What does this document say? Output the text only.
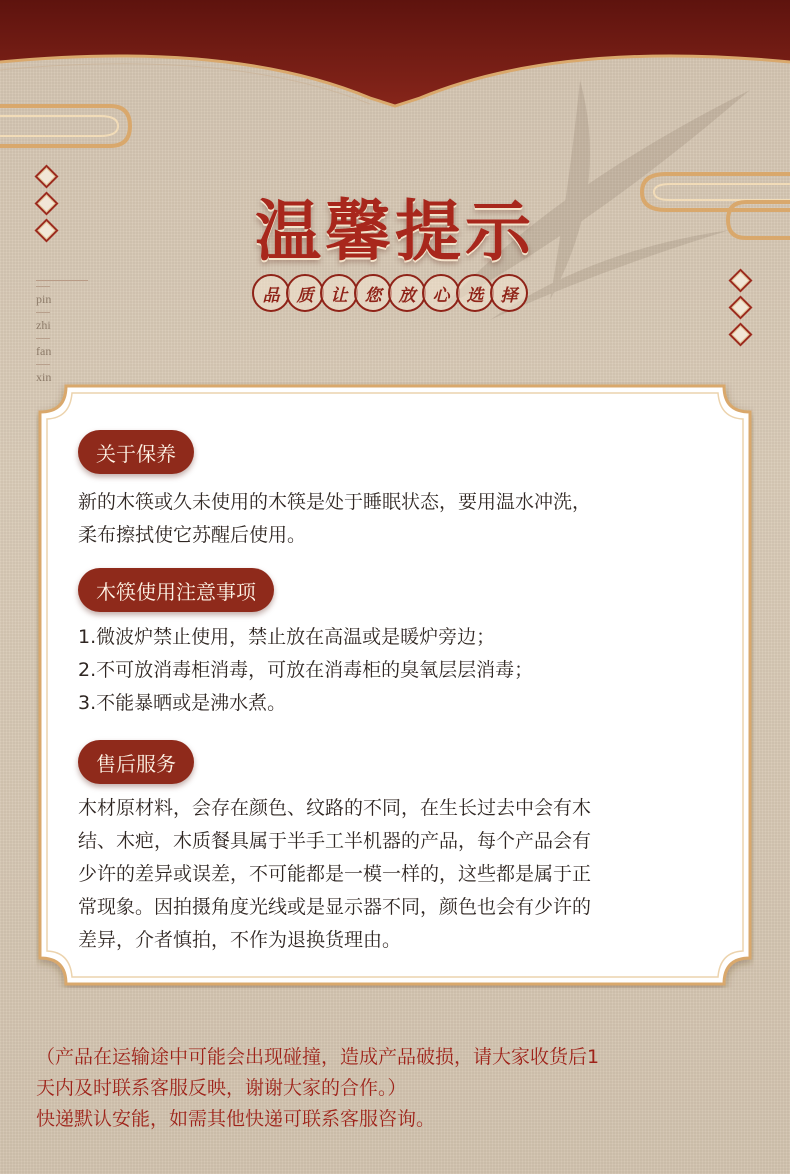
pin
zhi
fan
xin
温馨提示
品	质	让	您	放	心	选	择
关于保养

新的木筷或久未使用的木筷是处于睡眠状态，要用温水冲洗，

柔布擦拭使它苏醒后使用。

木筷使用注意事项

1.微波炉禁止使用，禁止放在高温或是暖炉旁边；

2.不可放消毒柜消毒，可放在消毒柜的臭氧层层消毒；

3.不能暴晒或是沸水煮。

售后服务

木材原材料，会存在颜色、纹路的不同，在生长过去中会有木

结、木疤，木质餐具属于半手工半机器的产品，每个产品会有

少许的差异或误差，不可能都是一模一样的，这些都是属于正

常现象。因拍摄角度光线或是显示器不同，颜色也会有少许的

差异，介者慎拍，不作为退换货理由。

（产品在运输途中可能会出现碰撞，造成产品破损，请大家收货后1

天内及时联系客服反映，谢谢大家的合作。）

快递默认安能，如需其他快递可联系客服咨询。
